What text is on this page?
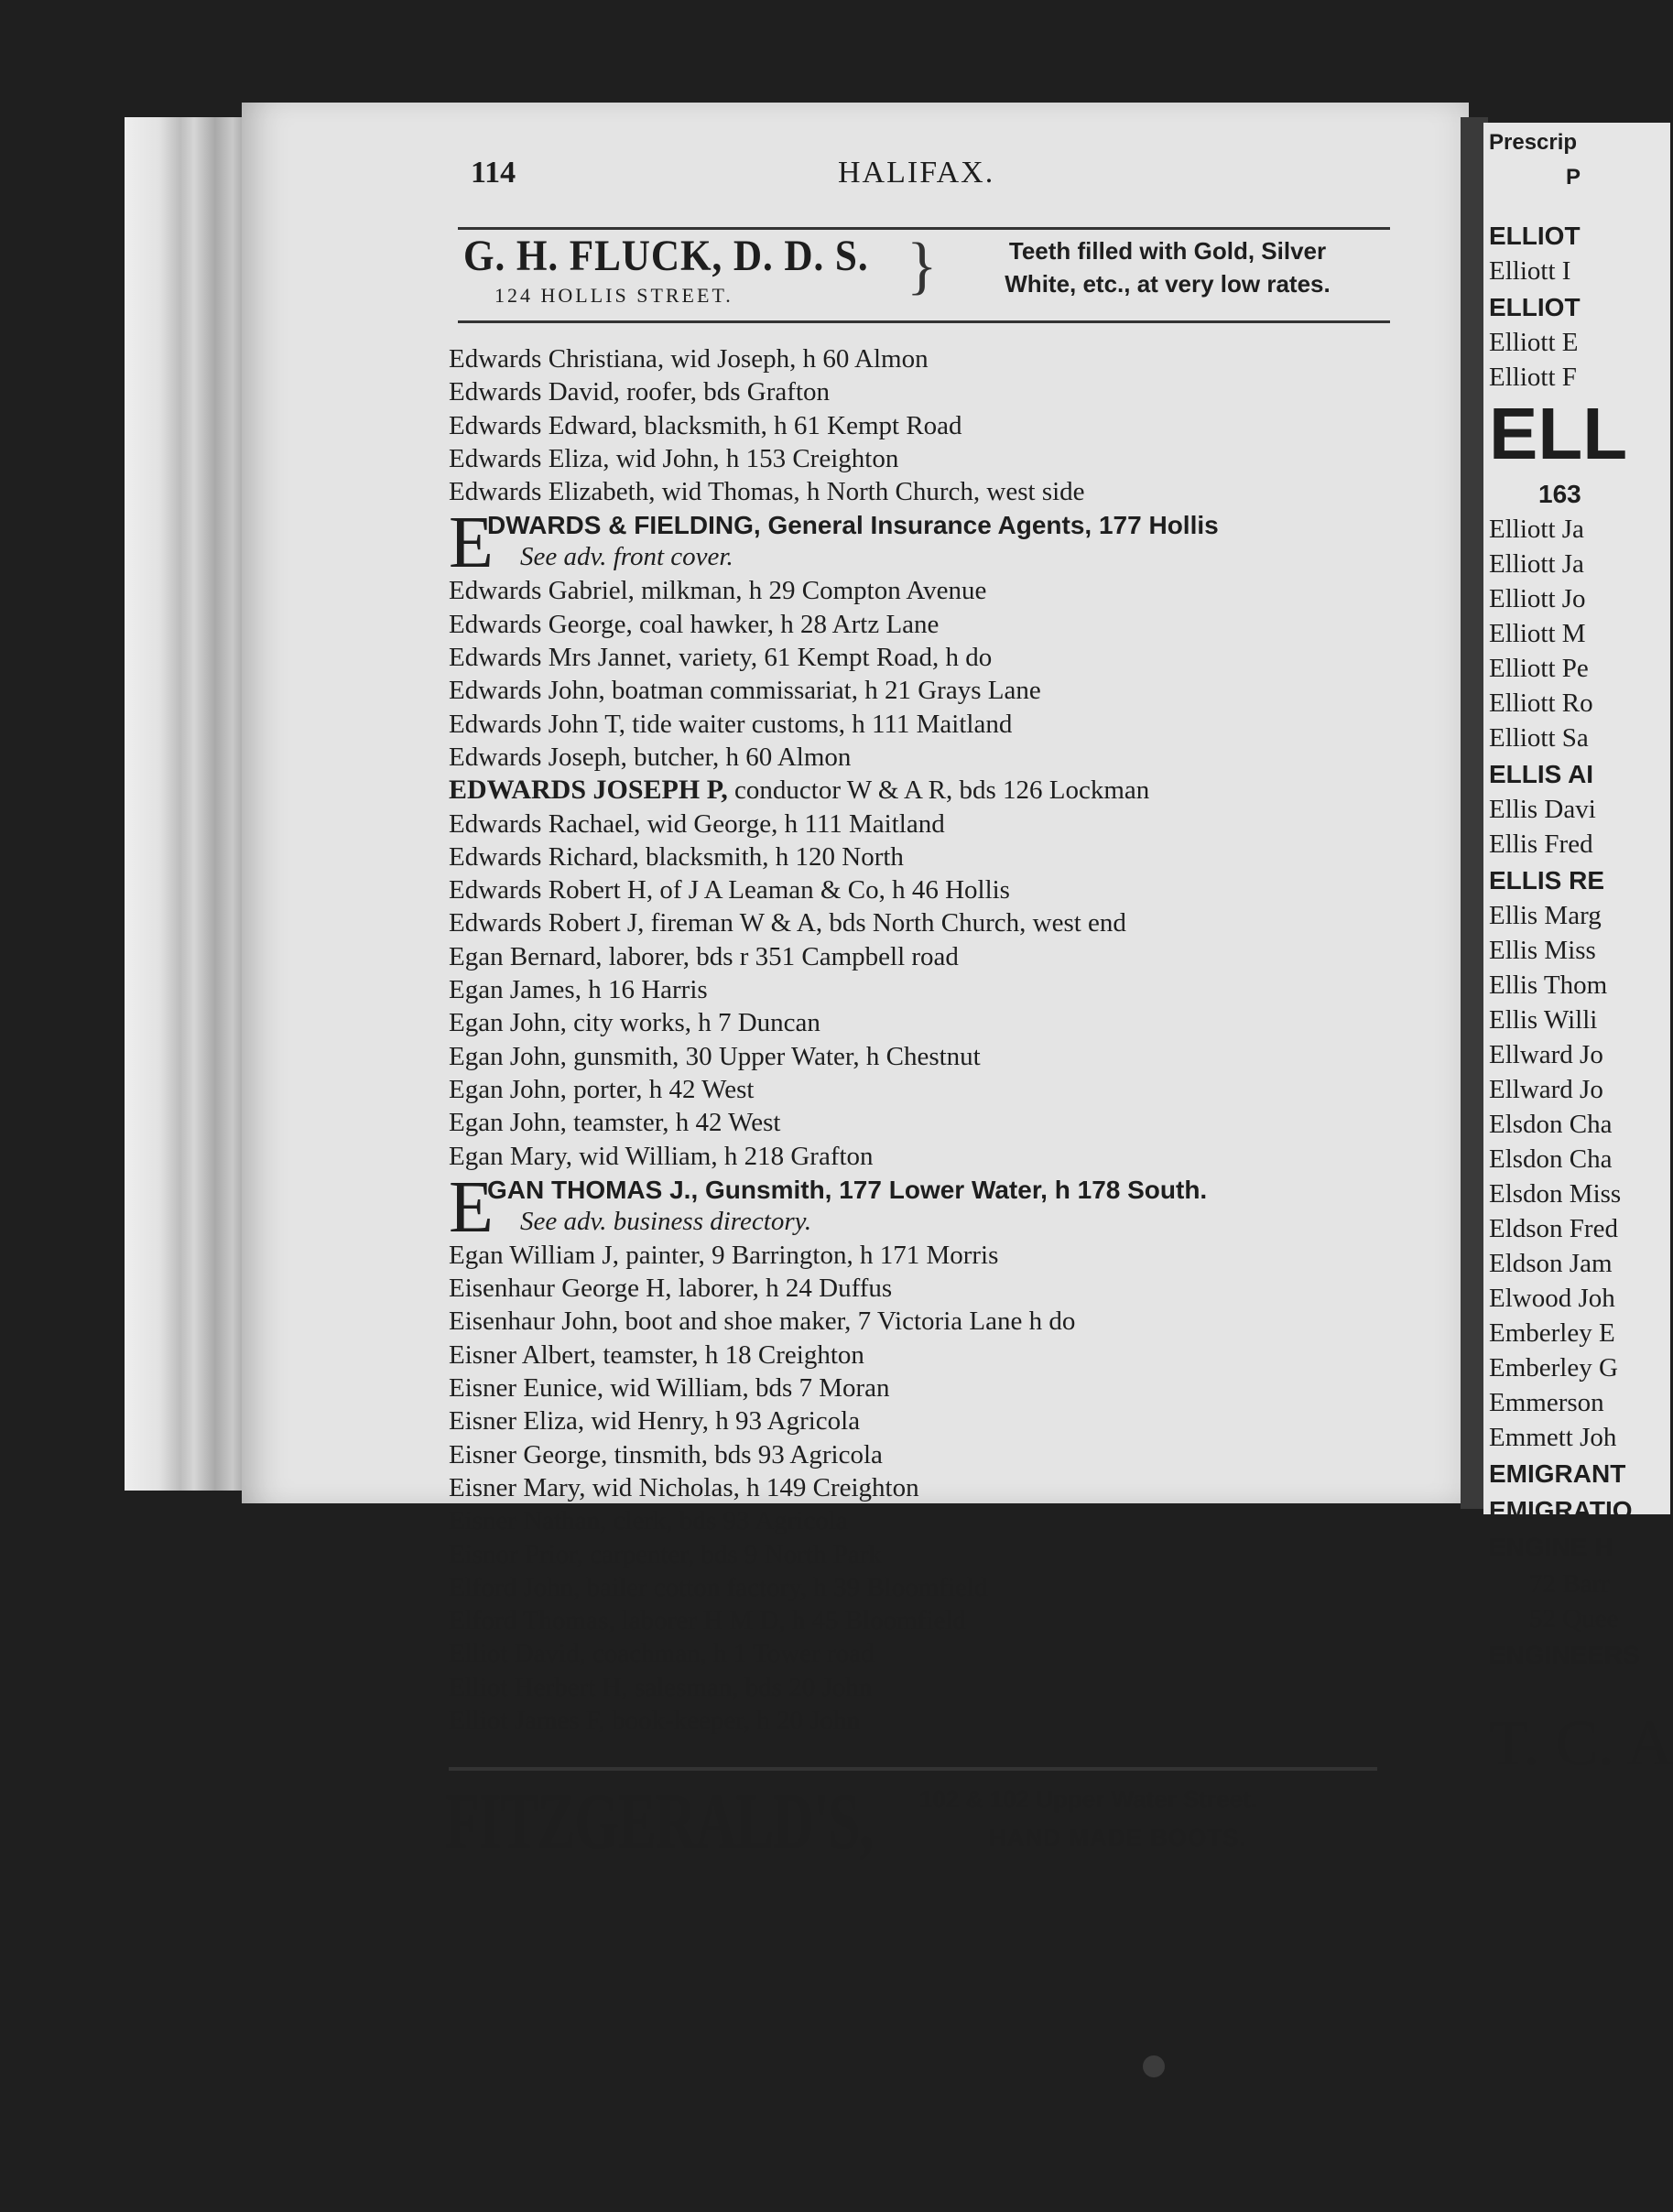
Prescrip
P
ELLIOT
Elliott I
ELLIOT
Elliott E
Elliott F
ELL
163
Elliott Ja
Elliott Ja
Elliott Jo
Elliott M
Elliott Pe
Elliott Ro
Elliott Sa
ELLIS AI
Ellis Davi
Ellis Fred
ELLIS RE
Ellis Marg
Ellis Miss
Ellis Thom
Ellis Willi
Ellward Jo
Ellward Jo
Elsdon Cha
Elsdon Cha
Elsdon Miss
Eldson Fred
Eldson Jam
Elwood Joh
Emberley E
Emberley G
Emmerson
Emmett Joh
EMIGRANT
EMIGRATIO
ENGINE H
72 Barr
52 Quee
ENGINEERS
T. C. A
114	HALIFAX.
G. H. FLUCK, D. D. S.
124 HOLLIS STREET.	}	Teeth filled with Gold, Silver
White, etc., at very low rates.
Edwards Christiana, wid Joseph, h 60 Almon
Edwards David, roofer, bds Grafton
Edwards Edward, blacksmith, h 61 Kempt Road
Edwards Eliza, wid John, h 153 Creighton
Edwards Elizabeth, wid Thomas, h North Church, west side
E
DWARDS & FIELDING, General Insurance Agents, 177 Hollis
See adv. front cover.
Edwards Gabriel, milkman, h 29 Compton Avenue
Edwards George, coal hawker, h 28 Artz Lane
Edwards Mrs Jannet, variety, 61 Kempt Road, h do
Edwards John, boatman commissariat, h 21 Grays Lane
Edwards John T, tide waiter customs, h 111 Maitland
Edwards Joseph, butcher, h 60 Almon
EDWARDS JOSEPH P, conductor W & A R, bds 126 Lockman
Edwards Rachael, wid George, h 111 Maitland
Edwards Richard, blacksmith, h 120 North
Edwards Robert H, of J A Leaman & Co, h 46 Hollis
Edwards Robert J, fireman W & A, bds North Church, west end
Egan Bernard, laborer, bds r 351 Campbell road
Egan James, h 16 Harris
Egan John, city works, h 7 Duncan
Egan John, gunsmith, 30 Upper Water, h Chestnut
Egan John, porter, h 42 West
Egan John, teamster, h 42 West
Egan Mary, wid William, h 218 Grafton
E
GAN THOMAS J., Gunsmith, 177 Lower Water, h 178 South.
See adv. business directory.
Egan William J, painter, 9 Barrington, h 171 Morris
Eisenhaur George H, laborer, h 24 Duffus
Eisenhaur John, boot and shoe maker, 7 Victoria Lane h do
Eisner Albert, teamster, h 18 Creighton
Eisner Eunice, wid William, bds 7 Moran
Eisner Eliza, wid Henry, h 93 Agricola
Eisner George, tinsmith, bds 93 Agricola
Eisner Mary, wid Nicholas, h 149 Creighton
Eisner Nathan, clerk, bds 93 Agricola
Eisnor Prior, carpenter, bds 9 North Park
Elford John, bailer cotton factory, h 39 Bloomfield
Elford Thomas, laborer H M D, h 45 Bloomfield
Elliot David, coachman, h 1 Tower road
Elliot Herbert H, salesman, bds 20 John
Elliot James F, book-keeper, h 20 John
FITZGERALD'S, 102 & 102 Upper Water Street.
HAND MADE BOOTS.
